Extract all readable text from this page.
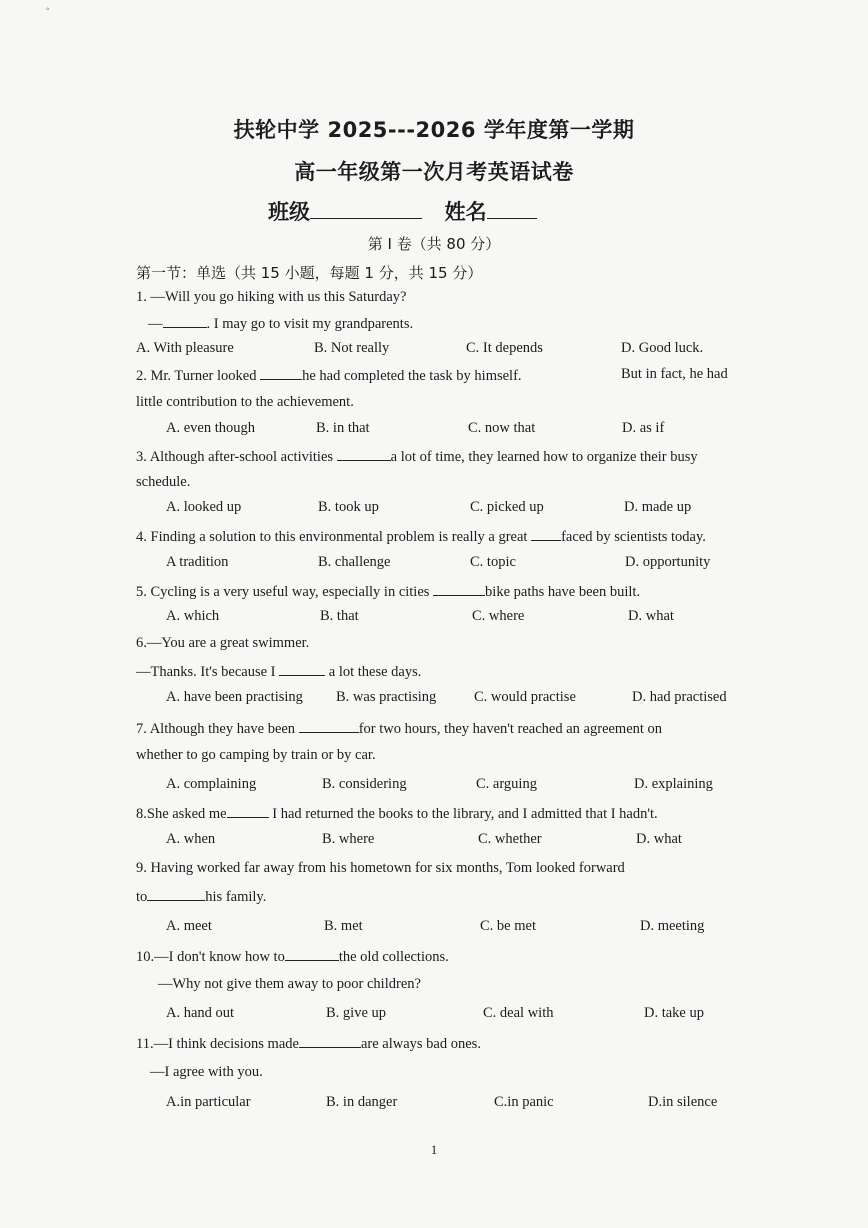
◦
扶轮中学 2025---2026 学年度第一学期
高一年级第一次月考英语试卷
班级	姓名
第 I 卷（共 80 分）
第一节：单选（共 15 小题，每题 1 分，共 15 分）
1. —Will you go hiking with us this Saturday?
—	. I may go to visit my grandparents.
A. With pleasure	B. Not really	C. It depends	D. Good luck.
2. Mr. Turner looked	he had completed the task by himself.	But in fact, he had
little contribution to the achievement.
A. even though	B. in that	C. now that	D. as if
3. Although after-school activities	a lot of time, they learned how to organize their busy
schedule.
A. looked up	B. took up	C. picked up	D. made up
4. Finding a solution to this environmental problem is really a great faced by scientists today.
A tradition	B. challenge	C. topic	D. opportunity
5. Cycling is a very useful way, especially in cities	bike paths have been built.
A. which	B. that	C. where	D. what
6.—You are a great swimmer.
—Thanks. It's because I	a lot these days.
A. have been practising B. was practising	C. would practise	D. had practised
7. Although they have been	for two hours, they haven't reached an agreement on
whether to go camping by train or by car.
A. complaining	B. considering	C. arguing	D. explaining
8.She asked me	I had returned the books to the library, and I admitted that I hadn't.
A. when	B. where	C. whether	D. what
9. Having worked far away from his hometown for six months, Tom looked forward
to	his family.
A. meet	B. met	C. be met	D. meeting
10.—I don't know how to	the old collections.
—Why not give them away to poor children?
A. hand out	B. give up	C. deal with	D. take up
11.—I think decisions made	are always bad ones.
—I agree with you.
A.in particular	B. in danger	C.in panic	D.in silence
1
